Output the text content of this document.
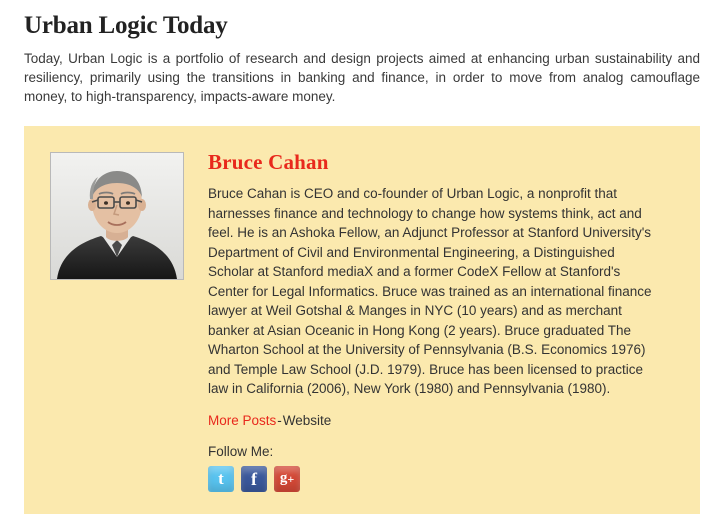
Urban Logic Today

Today, Urban Logic is a portfolio of research and design projects aimed at enhancing urban sustainability and resiliency, primarily using the transitions in banking and finance, in order to move from analog camouflage money, to high-transparency, impacts-aware money.

Bruce Cahan

Bruce Cahan is CEO and co-founder of Urban Logic, a nonprofit that harnesses finance and technology to change how systems think, act and feel. He is an Ashoka Fellow, an Adjunct Professor at Stanford University's Department of Civil and Environmental Engineering, a Distinguished Scholar at Stanford mediaX and a former CodeX Fellow at Stanford's Center for Legal Informatics. Bruce was trained as an international finance lawyer at Weil Gotshal & Manges in NYC (10 years) and as merchant banker at Asian Oceanic in Hong Kong (2 years). Bruce graduated The Wharton School at the University of Pennsylvania (B.S. Economics 1976) and Temple Law School (J.D. 1979). Bruce has been licensed to practice law in California (2006), New York (1980) and Pennsylvania (1980).

More Posts-Website
Follow Me:
t	f	g +
